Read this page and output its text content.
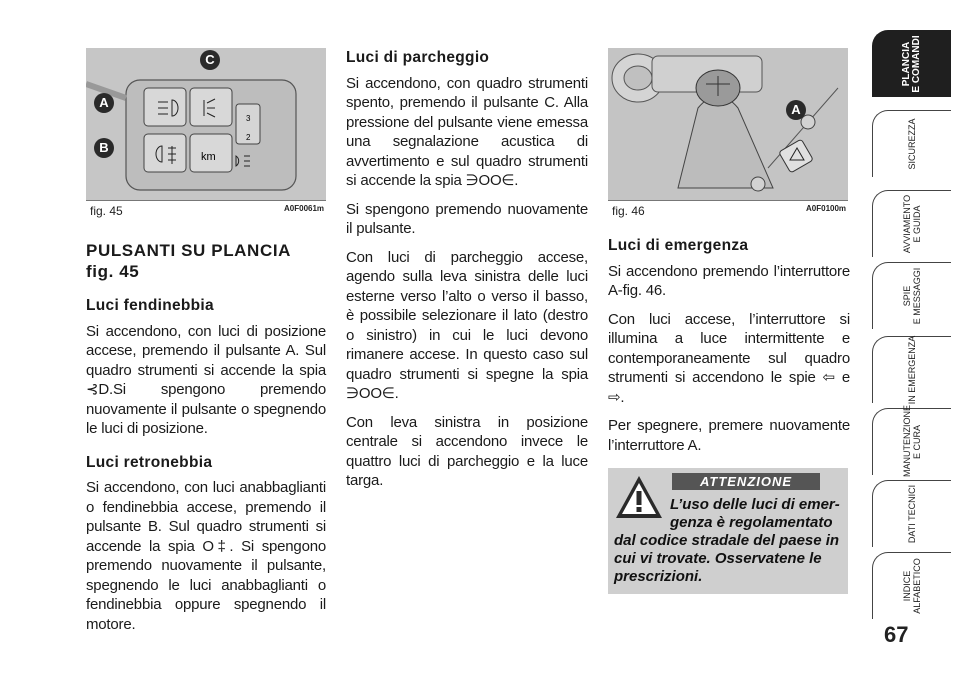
3
2
km
A
B
C
fig. 45	A0F0061m
A
fig. 46	A0F0100m
PULSANTI SU PLANCIA
fig. 45
Luci fendinebbia

Si accendono, con luci di posizione accese, premendo il pulsante A. Sul quadro strumenti si accende la spia ⊰D.Si spengono premendo nuovamente il pulsante o spegnendo le luci di posizione.

Luci retronebbia

Si accendono, con luci anabbaglianti o fendinebbia accese, premendo il pulsante B. Sul quadro strumenti si accende la spia O‡. Si spengono premendo nuovamente il pulsante, spegnendo le luci anabbaglianti o fendinebbia oppure spegnendo il motore.

Luci di parcheggio

Si accendono, con quadro strumenti spento, premendo il pulsante C. Alla pressione del pulsante viene emessa una segnalazione acustica di avvertimento e sul quadro strumenti si accende la spia ∋OO∈.

Si spengono premendo nuovamente il pulsante.

Con luci di parcheggio accese, agendo sulla leva sinistra delle luci esterne verso l’alto o verso il basso, è possibile selezionare il lato (destro o sinistro) in cui le luci devono rimanere accese. In questo caso sul quadro strumenti si spegne la spia ∋OO∈.

Con leva sinistra in posizione centrale si accendono invece le quattro luci di parcheggio e la luce targa.

Luci di emergenza

Si accendono premendo l’interruttore A-fig. 46.

Con luci accese, l’interruttore si illumina a luce intermittente e contemporaneamente sul quadro strumenti si accendono le spie ⇦ e ⇨.

Per spegnere, premere nuovamente l’interruttore A.

ATTENZIONE
L’uso delle luci di emer-
genza è regolamentato
dal codice stradale del paese in cui vi trovate. Osservatene le prescrizioni.
PLANCIA
E COMANDI
SICUREZZA
AVVIAMENTO
E GUIDA
SPIE
E MESSAGGI
IN EMERGENZA
MANUTENZIONE
E CURA
DATI TECNICI
INDICE
ALFABETICO
67
